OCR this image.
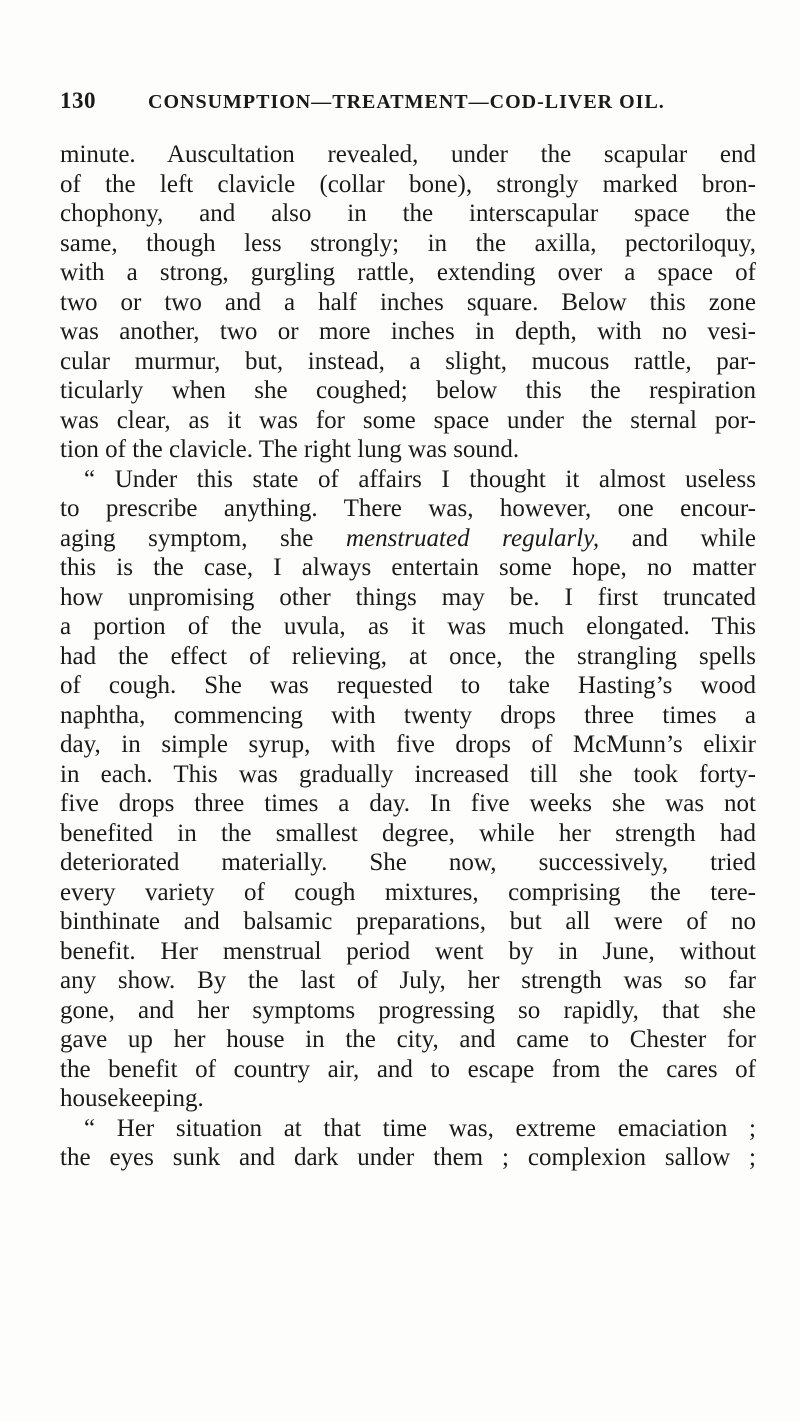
130	CONSUMPTION—TREATMENT—COD-LIVER OIL.
minute. Auscultation revealed, under the scapular end
of the left clavicle (collar bone), strongly marked bron-
chophony, and also in the interscapular space the
same, though less strongly; in the axilla, pectoriloquy,
with a strong, gurgling rattle, extending over a space of
two or two and a half inches square. Below this zone
was another, two or more inches in depth, with no vesi-
cular murmur, but, instead, a slight, mucous rattle, par-
ticularly when she coughed; below this the respiration
was clear, as it was for some space under the sternal por-
tion of the clavicle. The right lung was sound.
“ Under this state of affairs I thought it almost useless
to prescribe anything. There was, however, one encour-
aging symptom, she menstruated regularly, and while
this is the case, I always entertain some hope, no matter
how unpromising other things may be. I first truncated
a portion of the uvula, as it was much elongated. This
had the effect of relieving, at once, the strangling spells
of cough. She was requested to take Hasting’s wood
naphtha, commencing with twenty drops three times a
day, in simple syrup, with five drops of McMunn’s elixir
in each. This was gradually increased till she took forty-
five drops three times a day. In five weeks she was not
benefited in the smallest degree, while her strength had
deteriorated materially. She now, successively, tried
every variety of cough mixtures, comprising the tere-
binthinate and balsamic preparations, but all were of no
benefit. Her menstrual period went by in June, without
any show. By the last of July, her strength was so far
gone, and her symptoms progressing so rapidly, that she
gave up her house in the city, and came to Chester for
the benefit of country air, and to escape from the cares of
housekeeping.
“ Her situation at that time was, extreme emaciation ;
the eyes sunk and dark under them ; complexion sallow ;
